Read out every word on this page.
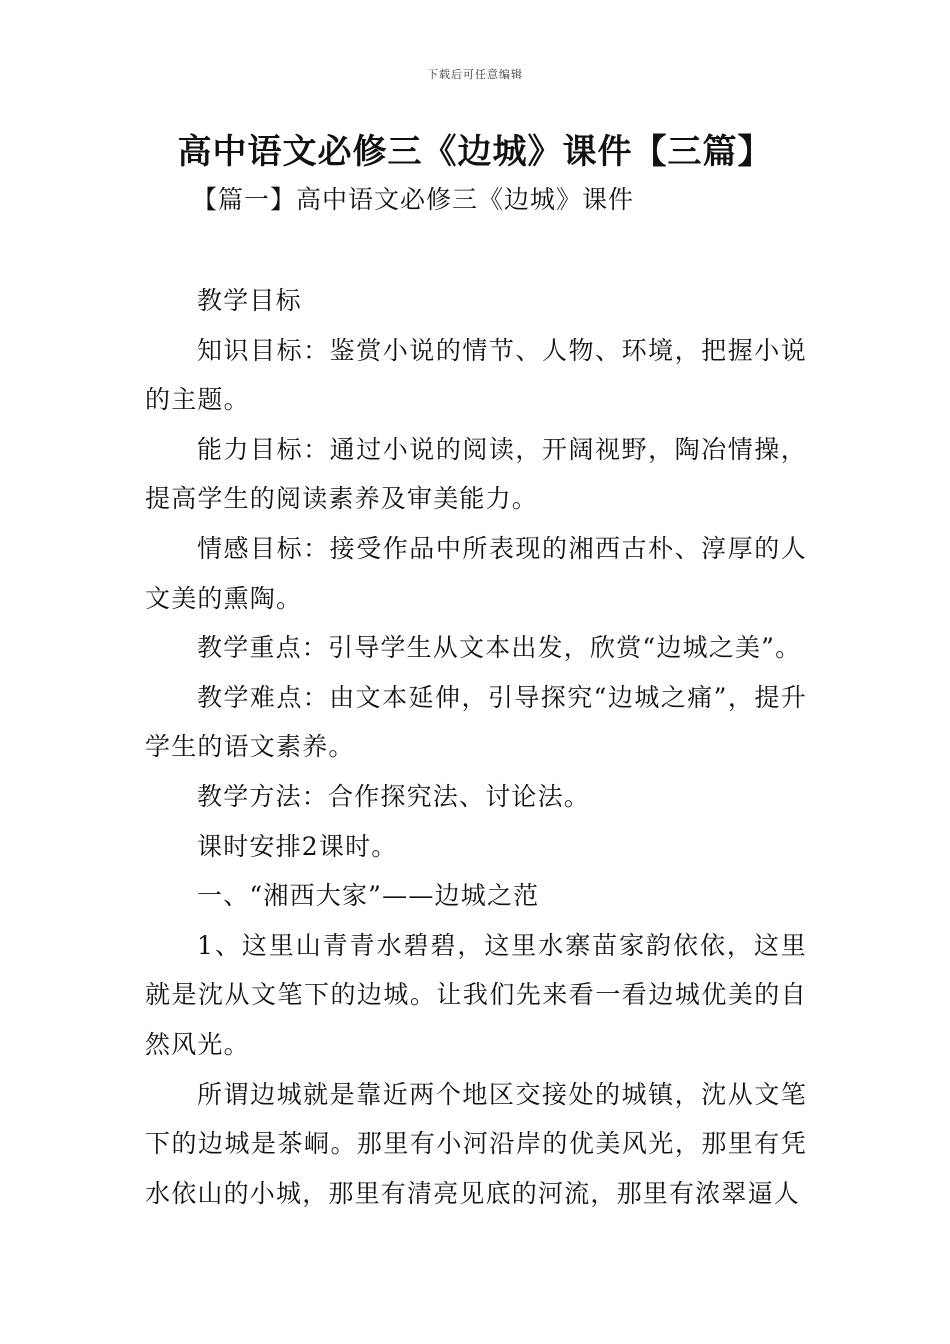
下载后可任意编辑
高中语文必修三《边城》课件【三篇】
【篇一】高中语文必修三《边城》课件

教学目标

知识目标：鉴赏小说的情节、人物、环境，把握小说的主题。

能力目标：通过小说的阅读，开阔视野，陶冶情操，提高学生的阅读素养及审美能力。

情感目标：接受作品中所表现的湘西古朴、淳厚的人文美的熏陶。

教学重点：引导学生从文本出发，欣赏“边城之美”。

教学难点：由文本延伸，引导探究“边城之痛”，提升学生的语文素养。

教学方法：合作探究法、讨论法。

课时安排2课时。

一、“湘西大家”——边城之范

1、这里山青青水碧碧，这里水寨苗家韵依依，这里就是沈从文笔下的边城。让我们先来看一看边城优美的自然风光。

所谓边城就是靠近两个地区交接处的城镇，沈从文笔下的边城是茶峒。那里有小河沿岸的优美风光，那里有凭水依山的小城，那里有清亮见底的河流，那里有浓翠逼人
